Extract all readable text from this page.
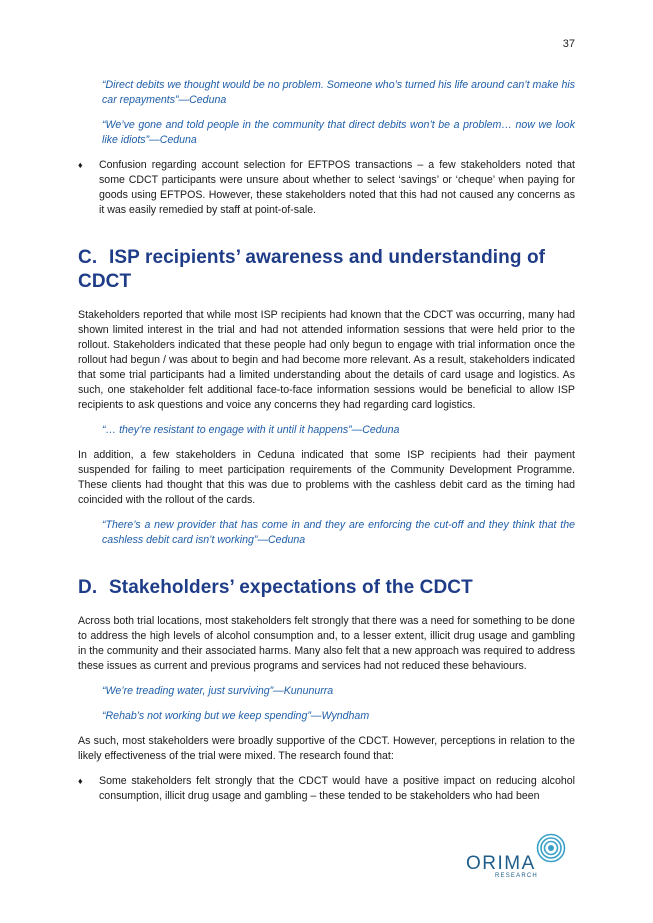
37

“Direct debits we thought would be no problem. Someone who’s turned his life around can’t make his car repayments”—Ceduna

“We’ve gone and told people in the community that direct debits won’t be a problem… now we look like idiots”—Ceduna

♦ Confusion regarding account selection for EFTPOS transactions – a few stakeholders noted that some CDCT participants were unsure about whether to select ‘savings’ or ‘cheque’ when paying for goods using EFTPOS. However, these stakeholders noted that this had not caused any concerns as it was easily remedied by staff at point-of-sale.
C. ISP recipients’ awareness and understanding of CDCT

Stakeholders reported that while most ISP recipients had known that the CDCT was occurring, many had shown limited interest in the trial and had not attended information sessions that were held prior to the rollout. Stakeholders indicated that these people had only begun to engage with trial information once the rollout had begun / was about to begin and had become more relevant. As a result, stakeholders indicated that some trial participants had a limited understanding about the details of card usage and logistics. As such, one stakeholder felt additional face-to-face information sessions would be beneficial to allow ISP recipients to ask questions and voice any concerns they had regarding card logistics.

“… they’re resistant to engage with it until it happens”—Ceduna

In addition, a few stakeholders in Ceduna indicated that some ISP recipients had their payment suspended for failing to meet participation requirements of the Community Development Programme. These clients had thought that this was due to problems with the cashless debit card as the timing had coincided with the rollout of the cards.

“There’s a new provider that has come in and they are enforcing the cut-off and they think that the cashless debit card isn’t working”—Ceduna

D. Stakeholders’ expectations of the CDCT

Across both trial locations, most stakeholders felt strongly that there was a need for something to be done to address the high levels of alcohol consumption and, to a lesser extent, illicit drug usage and gambling in the community and their associated harms. Many also felt that a new approach was required to address these issues as current and previous programs and services had not reduced these behaviours.

“We’re treading water, just surviving”—Kununurra

“Rehab’s not working but we keep spending”—Wyndham

As such, most stakeholders were broadly supportive of the CDCT. However, perceptions in relation to the likely effectiveness of the trial were mixed. The research found that:

♦ Some stakeholders felt strongly that the CDCT would have a positive impact on reducing alcohol consumption, illicit drug usage and gambling – these tended to be stakeholders who had been
ORIMA
RESEARCH
